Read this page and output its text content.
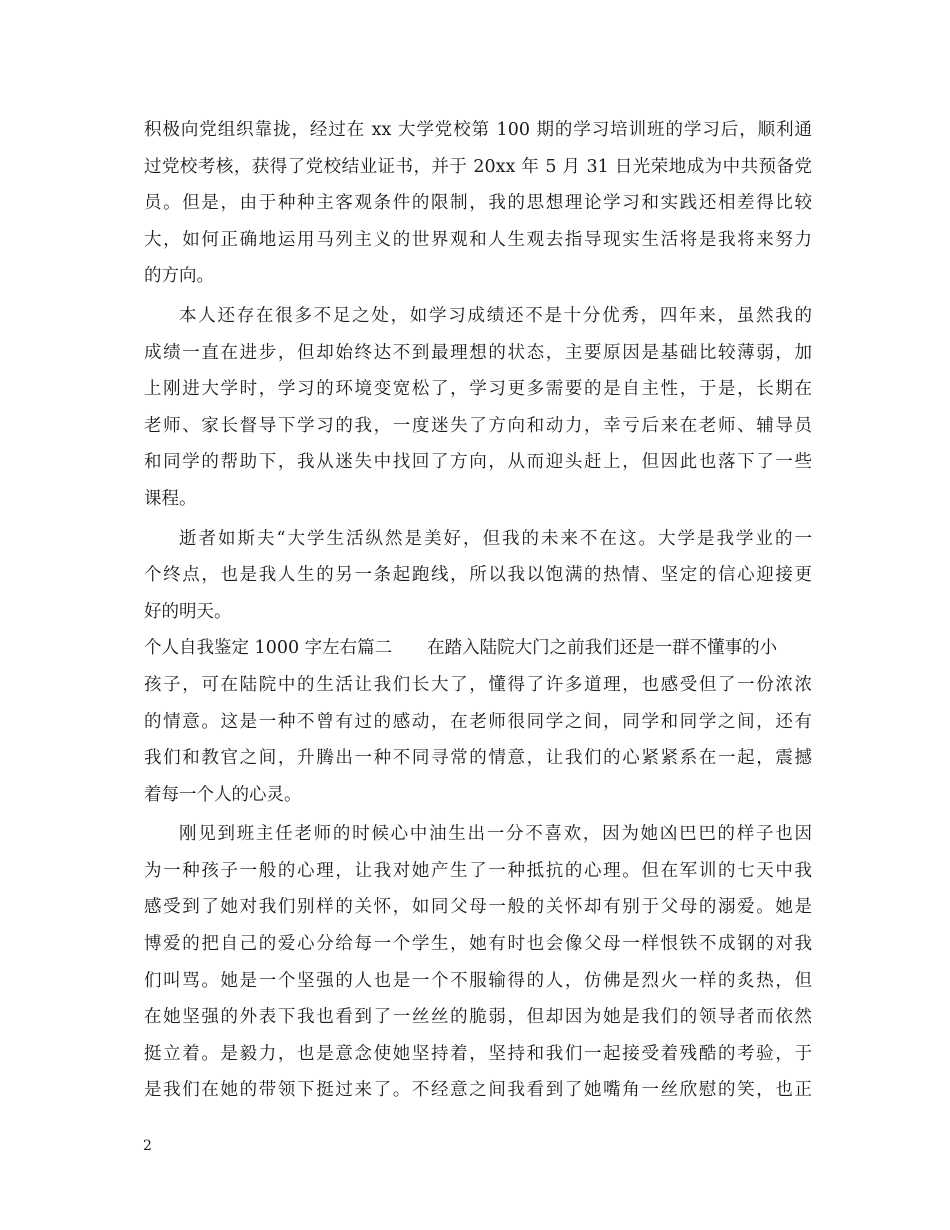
积极向党组织靠拢，经过在 xx 大学党校第 100 期的学习培训班的学习后，顺利通
过党校考核，获得了党校结业证书，并于 20xx 年 5 月 31 日光荣地成为中共预备党
员。但是，由于种种主客观条件的限制，我的思想理论学习和实践还相差得比较
大，如何正确地运用马列主义的世界观和人生观去指导现实生活将是我将来努力
的方向。
本人还存在很多不足之处，如学习成绩还不是十分优秀，四年来，虽然我的
成绩一直在进步，但却始终达不到最理想的状态，主要原因是基础比较薄弱，加
上刚进大学时，学习的环境变宽松了，学习更多需要的是自主性，于是，长期在
老师、家长督导下学习的我，一度迷失了方向和动力，幸亏后来在老师、辅导员
和同学的帮助下，我从迷失中找回了方向，从而迎头赶上，但因此也落下了一些
课程。
逝者如斯夫“大学生活纵然是美好，但我的未来不在这。大学是我学业的一
个终点，也是我人生的另一条起跑线，所以我以饱满的热情、坚定的信心迎接更
好的明天。
个人自我鉴定 1000 字左右篇二　　在踏入陆院大门之前我们还是一群不懂事的小
孩子，可在陆院中的生活让我们长大了，懂得了许多道理，也感受但了一份浓浓
的情意。这是一种不曾有过的感动，在老师很同学之间，同学和同学之间，还有
我们和教官之间，升腾出一种不同寻常的情意，让我们的心紧紧系在一起，震撼
着每一个人的心灵。
刚见到班主任老师的时候心中油生出一分不喜欢，因为她凶巴巴的样子也因
为一种孩子一般的心理，让我对她产生了一种抵抗的心理。但在军训的七天中我
感受到了她对我们别样的关怀，如同父母一般的关怀却有别于父母的溺爱。她是
博爱的把自己的爱心分给每一个学生，她有时也会像父母一样恨铁不成钢的对我
们叫骂。她是一个坚强的人也是一个不服输得的人，仿佛是烈火一样的炙热，但
在她坚强的外表下我也看到了一丝丝的脆弱，但却因为她是我们的领导者而依然
挺立着。是毅力，也是意念使她坚持着，坚持和我们一起接受着残酷的考验，于
是我们在她的带领下挺过来了。不经意之间我看到了她嘴角一丝欣慰的笑，也正
2
